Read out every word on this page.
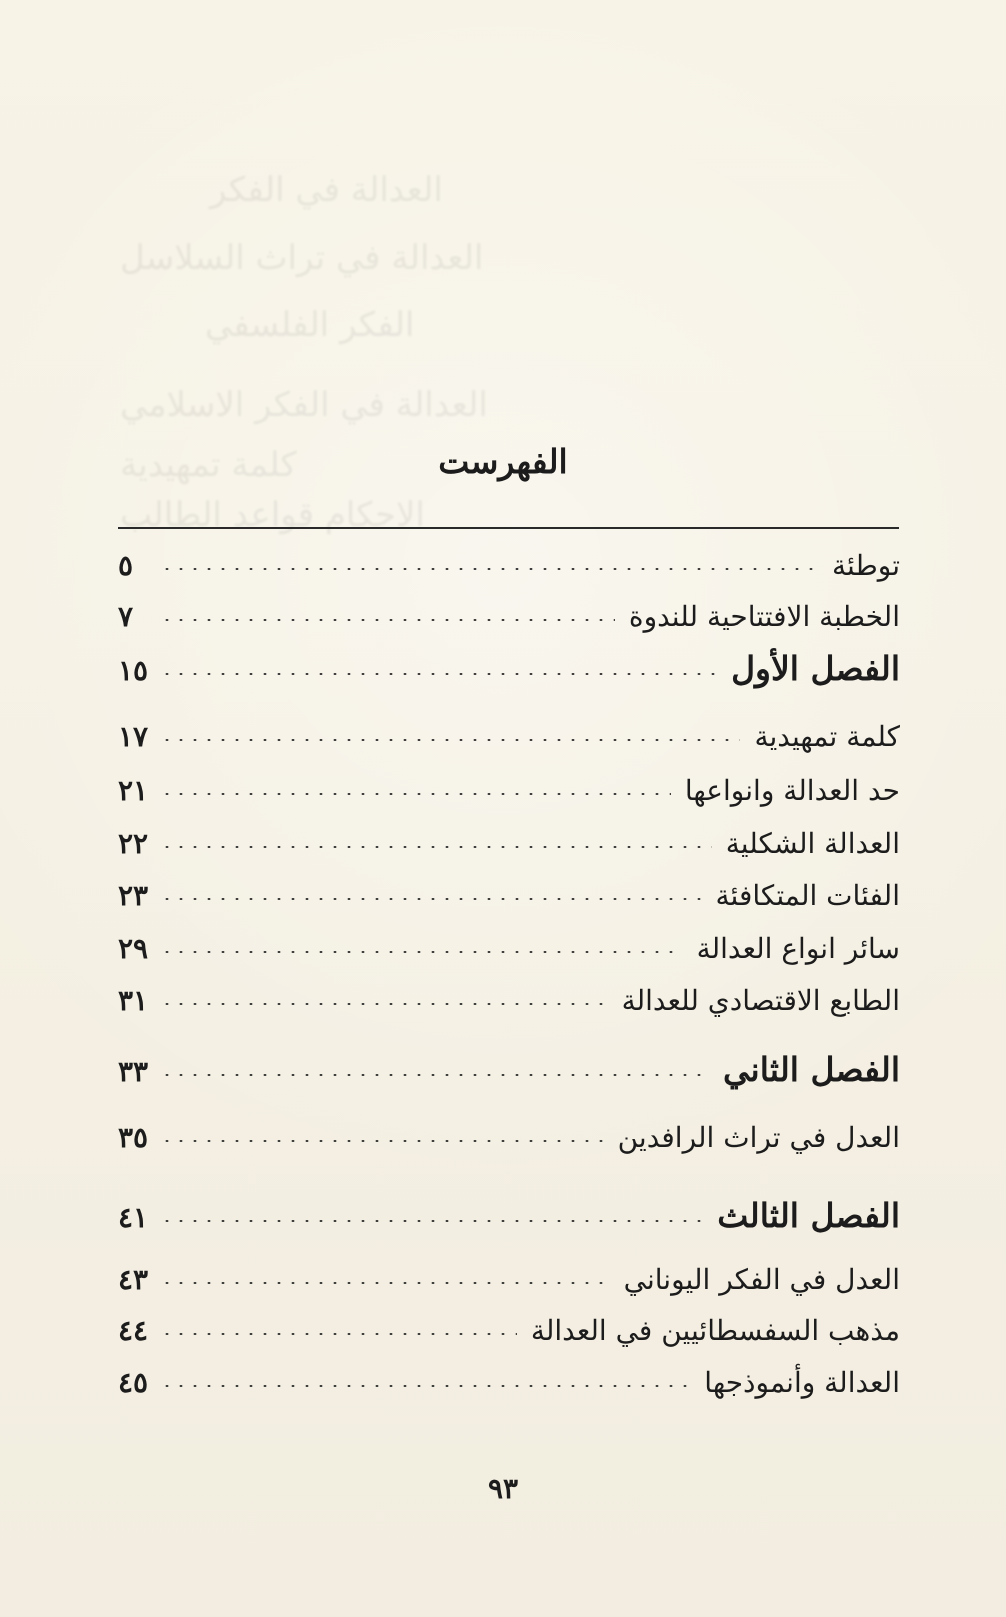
العدالة في الفكر
العدالة في تراث السلاسل
الفكر الفلسفي
العدالة في الفكر الاسلامي
كلمة تمهيدية
الاحكام قواعد الطالب
الفهرست
توطئة
٥
الخطبة الافتتاحية للندوة
٧
الفصل الأول
١٥
كلمة تمهيدية
١٧
حد العدالة وانواعها
٢١
العدالة الشكلية
٢٢
الفئات المتكافئة
٢٣
سائر انواع العدالة
٢٩
الطابع الاقتصادي للعدالة
٣١
الفصل الثاني
٣٣
العدل في تراث الرافدين
٣٥
الفصل الثالث
٤١
العدل في الفكر اليوناني
٤٣
مذهب السفسطائيين في العدالة
٤٤
العدالة وأنموذجها
٤٥
٩٣
